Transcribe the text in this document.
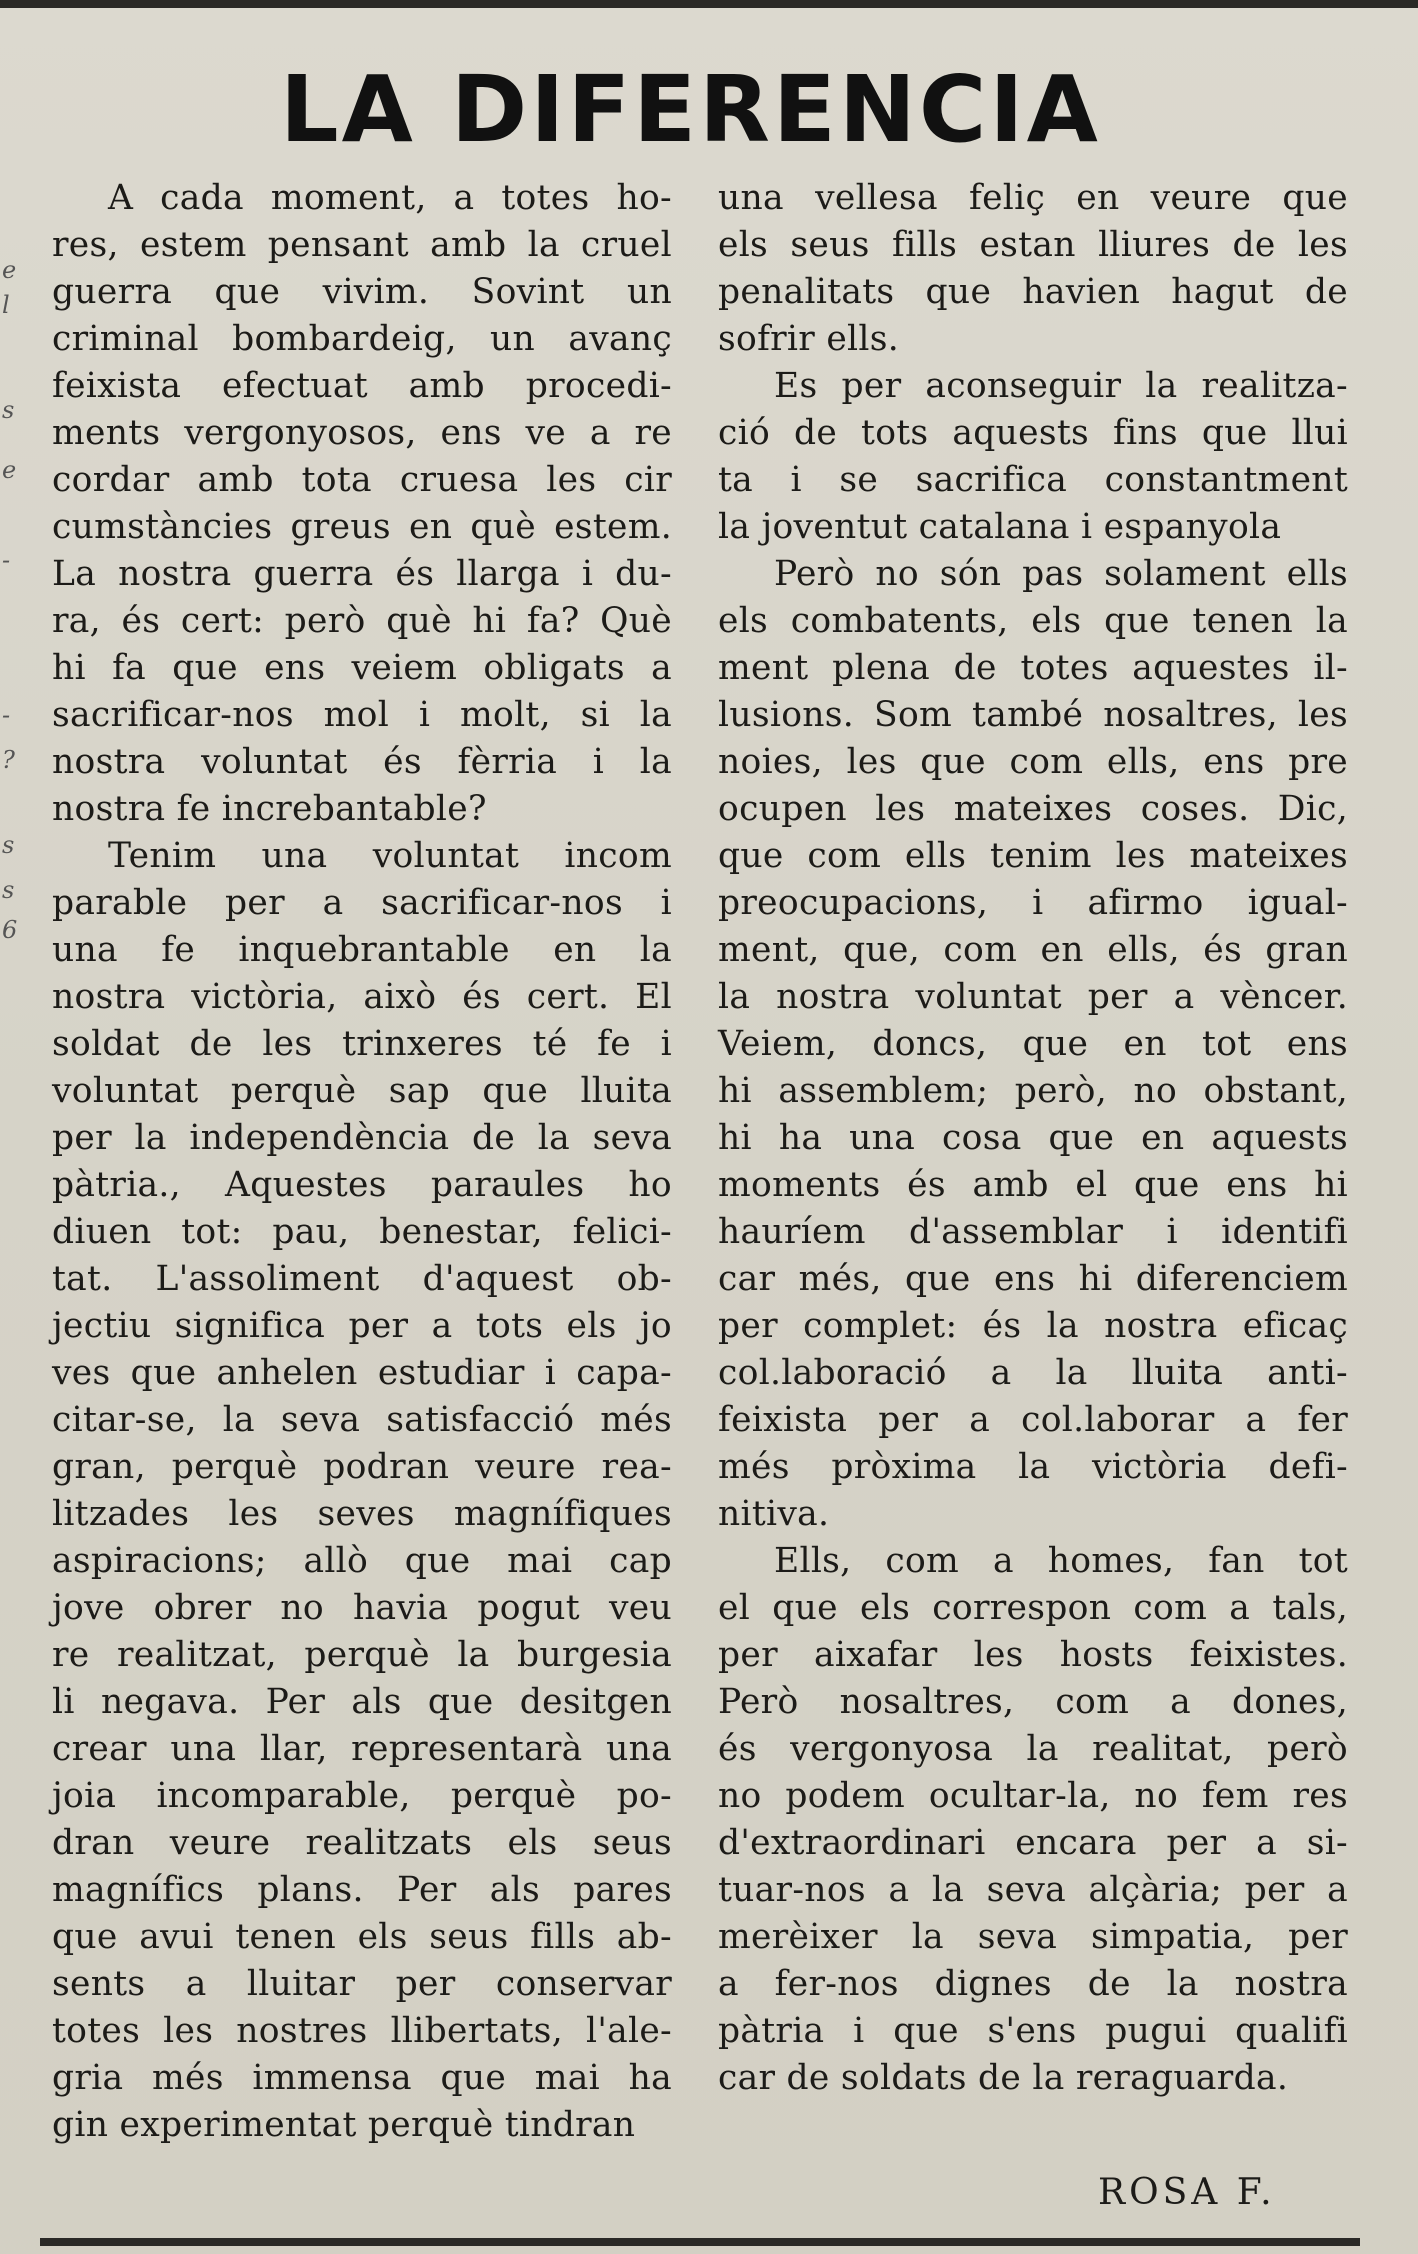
e
l
s
e
-
-
?
s
s
6
LA DIFERENCIA
A cada moment, a totes ho-
res, estem pensant amb la cruel
guerra que vivim. Sovint un
criminal bombardeig, un avanç
feixista efectuat amb procedi-
ments vergonyosos, ens ve a re
cordar amb tota cruesa les cir
cumstàncies greus en què estem.
La nostra guerra és llarga i du-
ra, és cert: però què hi fa? Què
hi fa que ens veiem obligats a
sacrificar-nos mol i molt, si la
nostra voluntat és fèrria i la
nostra fe increbantable?
Tenim una voluntat incom
parable per a sacrificar-nos i
una fe inquebrantable en la
nostra victòria, això és cert. El
soldat de les trinxeres té fe i
voluntat perquè sap que lluita
per la independència de la seva
pàtria., Aquestes paraules ho
diuen tot: pau, benestar, felici-
tat. L'assoliment d'aquest ob-
jectiu significa per a tots els jo
ves que anhelen estudiar i capa-
citar-se, la seva satisfacció més
gran, perquè podran veure rea-
litzades les seves magnífiques
aspiracions; allò que mai cap
jove obrer no havia pogut veu
re realitzat, perquè la burgesia
li negava. Per als que desitgen
crear una llar, representarà una
joia incomparable, perquè po-
dran veure realitzats els seus
magnífics plans. Per als pares
que avui tenen els seus fills ab-
sents a lluitar per conservar
totes les nostres llibertats, l'ale-
gria més immensa que mai ha
gin experimentat perquè tindran
una vellesa feliç en veure que
els seus fills estan lliures de les
penalitats que havien hagut de
sofrir ells.
Es per aconseguir la realitza-
ció de tots aquests fins que llui
ta i se sacrifica constantment
la joventut catalana i espanyola
Però no són pas solament ells
els combatents, els que tenen la
ment plena de totes aquestes il-
lusions. Som també nosaltres, les
noies, les que com ells, ens pre
ocupen les mateixes coses. Dic,
que com ells tenim les mateixes
preocupacions, i afirmo igual-
ment, que, com en ells, és gran
la nostra voluntat per a vèncer.
Veiem, doncs, que en tot ens
hi assemblem; però, no obstant,
hi ha una cosa que en aquests
moments és amb el que ens hi
hauríem d'assemblar i identifi
car més, que ens hi diferenciem
per complet: és la nostra eficaç
col.laboració a la lluita anti-
feixista per a col.laborar a fer
més pròxima la victòria defi-
nitiva.
Ells, com a homes, fan tot
el que els correspon com a tals,
per aixafar les hosts feixistes.
Però nosaltres, com a dones,
és vergonyosa la realitat, però
no podem ocultar-la, no fem res
d'extraordinari encara per a si-
tuar-nos a la seva alçària; per a
merèixer la seva simpatia, per
a fer-nos dignes de la nostra
pàtria i que s'ens pugui qualifi
car de soldats de la reraguarda.
ROSA F.
